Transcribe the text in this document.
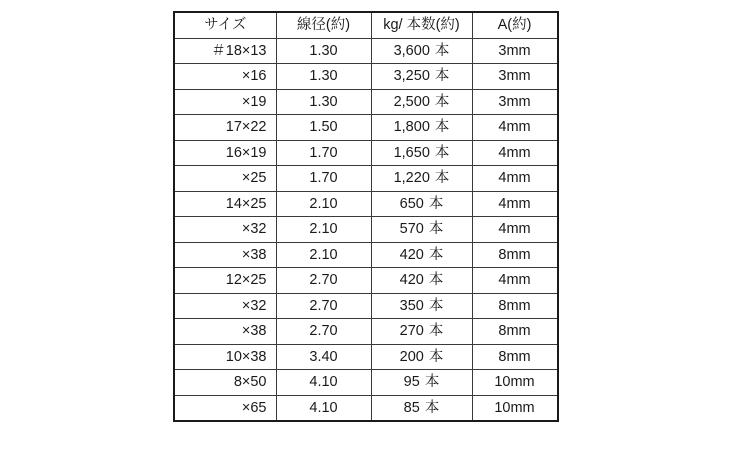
サイズ	線径(約)	kg/ 本数(約)	A(約)
＃18×13	1.30	3,600 本	3mm
×16	1.30	3,250 本	3mm
×19	1.30	2,500 本	3mm
17×22	1.50	1,800 本	4mm
16×19	1.70	1,650 本	4mm
×25	1.70	1,220 本	4mm
14×25	2.10	650 本	4mm
×32	2.10	570 本	4mm
×38	2.10	420 本	8mm
12×25	2.70	420 本	4mm
×32	2.70	350 本	8mm
×38	2.70	270 本	8mm
10×38	3.40	200 本	8mm
8×50	4.10	95 本	10mm
×65	4.10	85 本	10mm
